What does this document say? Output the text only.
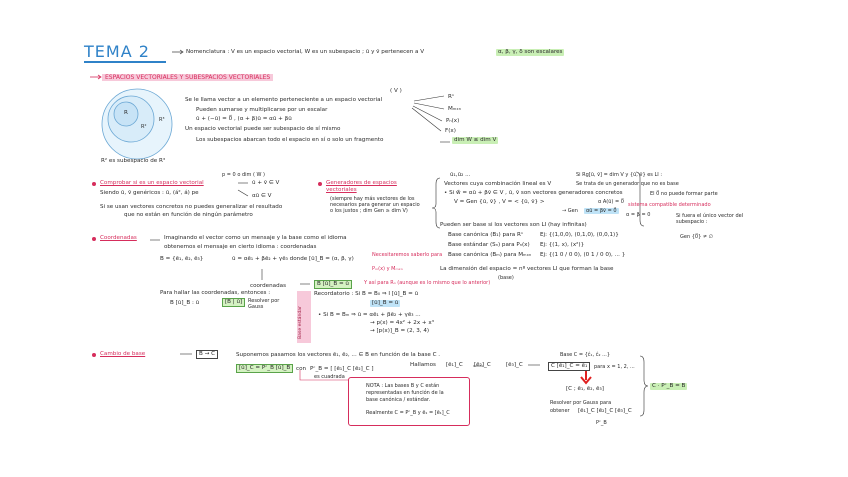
TEMA 2	Nomenclatura : V es un espacio vectorial, W es un subespacio ; ū y v̄ pertenecen a V	α, β, γ, δ son escalares
ESPACIOS VECTORIALES Y SUBESPACIOS VECTORIALES
R
R²
R³
R² es subespacio de R³
Se le llama vector a un elemento perteneciente a un espacio vectorial
( V )
Pueden sumarse y multiplicarse por un escalar
ū + (−ū) = 0⃗ , (α + β)ū = αū + βū
Un espacio vectorial puede ser subespacio de sí mismo
Los subespacios abarcan todo el espacio en sí o solo un fragmento	dim W ≤ dim V
Rⁿ
Mₘₓₙ
Pₙ(x)
F(x)
Comprobar si es un espacio vectorial
p = 0 o dim ( W )
Siendo ū, v̄ genéricos : ū, (á², á) pe
ū + v̄ ∈ V
αū ∈ V
Si se usan vectores concretos no puedes generalizar el resultado
que no están en función de ningún parámetro
Generadores de espacios vectoriales
(siempre hay más vectores de los necesarios para generar un espacio o los justos ; dim Gen ≥ dim V)
ū₁,ū₂ ...
Vectores cuya combinación lineal es V
• Si w⃗ = αū + βv̄ ∈ V , ū, v̄ son vectores generadores concretos
V = Gen {ū, v̄} , V = < {ū, v̄} >
→ Gen
Si Rg[ū, v̄] = dim V y {ū, v̄} es LI :
Se trata de un generador que no es base
El 0⃗ no puede formar parte
Si fuera el único vector del subespacio :
Gen {0⃗} ≠ ∅
α A(ū) = 0⃗
αū = βv̄ = 0⃗
α = β = 0
sistema compatible determinado
Pueden ser base si los vectores son LI (hay infinitas)
Base canónica (B₁) para Rⁿ	Ej: {(1,0,0), (0,1,0), (0,0,1)}
Base estándar (Sₙ) para Pₙ(x) Ej: {(1, x), (x²)}
Base canónica (Bₘ) para Mₘₓₙ Ej: {(1 0 / 0 0), (0 1 / 0 0), ... }
La dimensión del espacio = nº vectores LI que forman la base
(base)
Coordenadas	Imaginando el vector como un mensaje y la base como el idioma
obtenemos el mensaje en cierto idioma : coordenadas
B = {ē₁, ē₂, ē₃}	ū = αē₁ + βē₂ + γē₃ donde [ū]_B = (α, β, γ)
coordenadas
Necesitaremos saberlo para
Pₘ(x) y Mₘₓₙ
Y así para Rₙ (aunque es lo mismo que lo anterior)
B [ū]_B = ū
Recordatorio : Si B = B₀ ⇒ I [ū]_B = ū
[ū]_B = ū
• Si B = Bₘ ⇒ ū = αē₁ + βē₂ + γē₃ ...
→ p(x) = 4x² + 2x + x³
→ [p(x)]_B = (2, 3, 4)
Para hallar las coordenadas, entonces :
B [ū]_B : ū	[B | ū]	Resolver por Gauss	Base estándar
Cambio de base	B → C	Suponemos pasamos los vectores ē₁, ē₂, ... ∈ B en función de la base C .
[ū]_C = Pᶜ_B [ū]_B	con Pᶜ_B = [ [ē₁]_C [ē₂]_C ]
es cuadrada
Hallamos [ē₁]_C [ē₂]_C	[ē₃]_C	C [ē₁]_C = ē₁
Base C = {ĉ₁, ĉ₂ ...}
para x = 1, 2, ...
[C ; ē₁, ē₂, ē₃]
Resolver por Gauss para
obtener [ē₁]_C [ē₂]_C [ē₃]_C
Pᶜ_B
C · Pᶜ_B = B
NOTA : Las bases B y C están
representadas en función de la
base canónica / estándar.
Realmente C = Pᶜ_B y ē₁ = [ē₁]_C
